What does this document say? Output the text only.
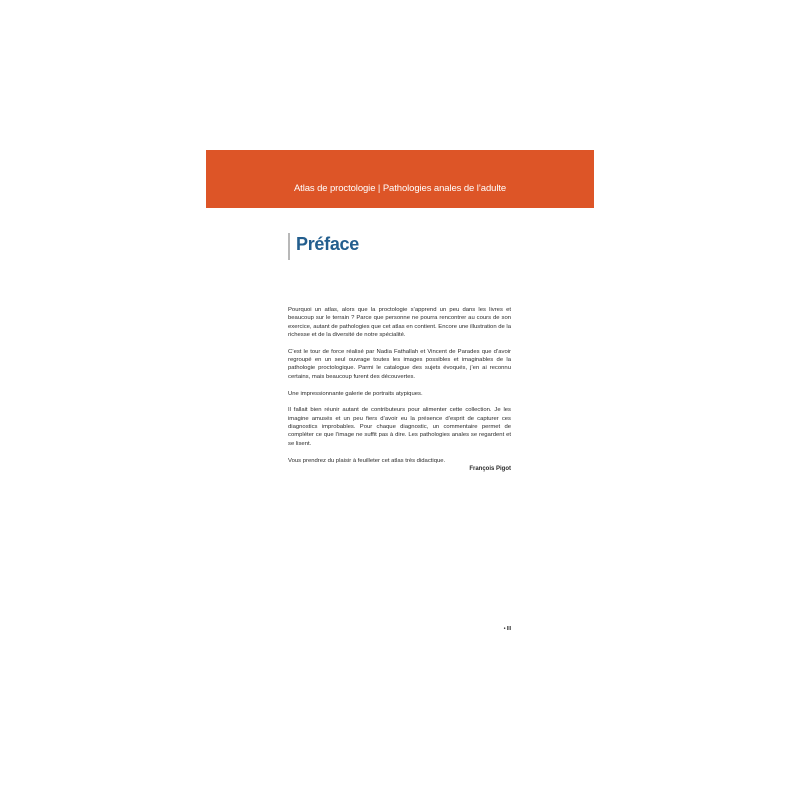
Atlas de proctologie | Pathologies anales de l’adulte
Préface

Pourquoi un atlas, alors que la proctologie s’apprend un peu dans les livres et beaucoup sur le terrain ? Parce que personne ne pourra rencontrer au cours de son exercice, autant de pathologies que cet atlas en contient. Encore une illustration de la richesse et de la diversité de notre spécialité.

C’est le tour de force réalisé par Nadia Fathallah et Vincent de Parades que d’avoir regroupé en un seul ouvrage toutes les images possibles et imaginables de la pathologie proctologique. Parmi le catalogue des sujets évoqués, j’en ai reconnu certains, mais beaucoup furent des découvertes.

Une impressionnante galerie de portraits atypiques.

Il fallait bien réunir autant de contributeurs pour alimenter cette collection. Je les imagine amusés et un peu fiers d’avoir eu la présence d’esprit de capturer ces diagnostics improbables. Pour chaque diagnostic, un commentaire permet de compléter ce que l’image ne suffit pas à dire. Les pathologies anales se regardent et se lisent.

Vous prendrez du plaisir à feuilleter cet atlas très didactique.

François Pigot
• III
